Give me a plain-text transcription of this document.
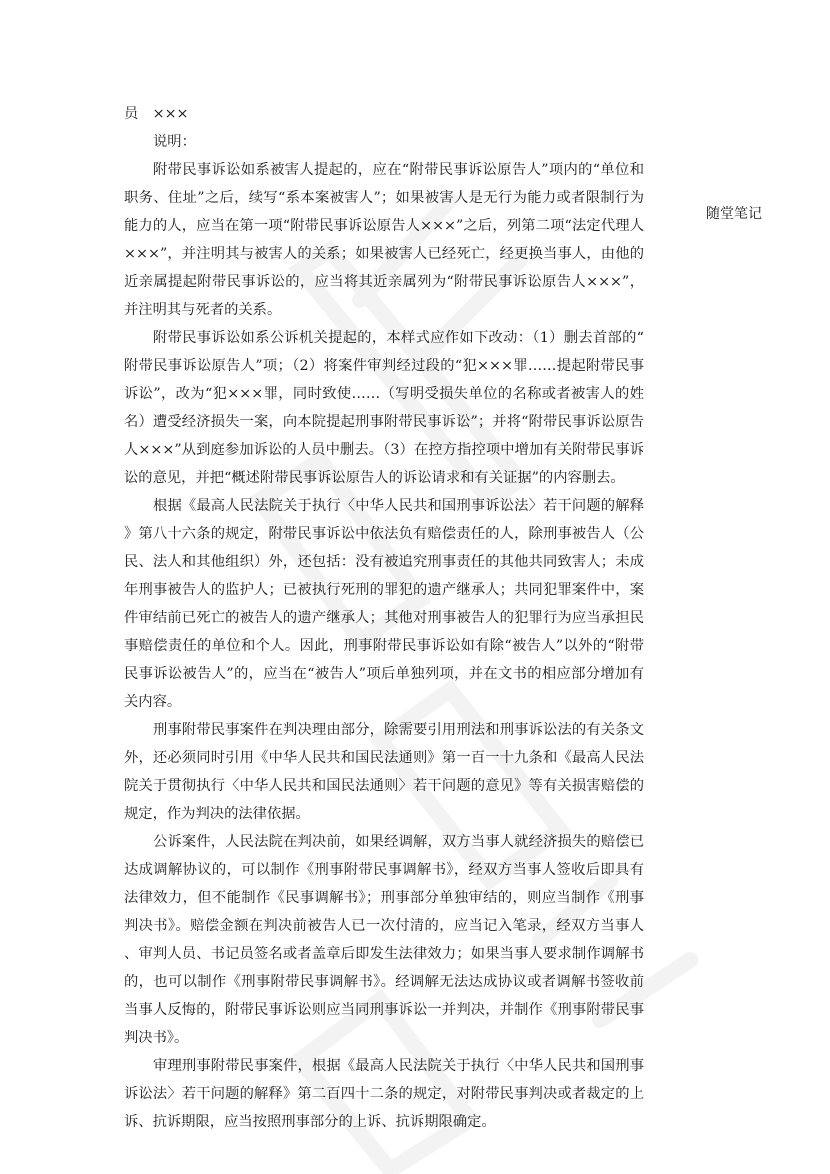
随堂笔记

员　×××

说明：

附带民事诉讼如系被害人提起的，应在“附带民事诉讼原告人”项内的“单位和职务、住址”之后，续写“系本案被害人”；如果被害人是无行为能力或者限制行为能力的人，应当在第一项“附带民事诉讼原告人×××”之后，列第二项“法定代理人×××”，并注明其与被害人的关系；如果被害人已经死亡，经更换当事人，由他的近亲属提起附带民事诉讼的，应当将其近亲属列为“附带民事诉讼原告人×××”，并注明其与死者的关系。

附带民事诉讼如系公诉机关提起的，本样式应作如下改动：（1）删去首部的“附带民事诉讼原告人”项；（2）将案件审判经过段的“犯×××罪……提起附带民事诉讼”，改为“犯×××罪，同时致使……（写明受损失单位的名称或者被害人的姓名）遭受经济损失一案，向本院提起刑事附带民事诉讼”；并将“附带民事诉讼原告人×××”从到庭参加诉讼的人员中删去。（3）在控方指控项中增加有关附带民事诉讼的意见，并把“概述附带民事诉讼原告人的诉讼请求和有关证据”的内容删去。

根据《最高人民法院关于执行〈中华人民共和国刑事诉讼法〉若干问题的解释》第八十六条的规定，附带民事诉讼中依法负有赔偿责任的人，除刑事被告人（公民、法人和其他组织）外，还包括：没有被追究刑事责任的其他共同致害人；未成年刑事被告人的监护人；已被执行死刑的罪犯的遗产继承人；共同犯罪案件中，案件审结前已死亡的被告人的遗产继承人；其他对刑事被告人的犯罪行为应当承担民事赔偿责任的单位和个人。因此，刑事附带民事诉讼如有除“被告人”以外的“附带民事诉讼被告人”的，应当在“被告人”项后单独列项，并在文书的相应部分增加有关内容。

刑事附带民事案件在判决理由部分，除需要引用刑法和刑事诉讼法的有关条文外，还必须同时引用《中华人民共和国民法通则》第一百一十九条和《最高人民法院关于贯彻执行〈中华人民共和国民法通则〉若干问题的意见》等有关损害赔偿的规定，作为判决的法律依据。

公诉案件，人民法院在判决前，如果经调解，双方当事人就经济损失的赔偿已达成调解协议的，可以制作《刑事附带民事调解书》，经双方当事人签收后即具有法律效力，但不能制作《民事调解书》；刑事部分单独审结的，则应当制作《刑事判决书》。赔偿金额在判决前被告人已一次付清的，应当记入笔录，经双方当事人、审判人员、书记员签名或者盖章后即发生法律效力；如果当事人要求制作调解书的，也可以制作《刑事附带民事调解书》。经调解无法达成协议或者调解书签收前当事人反悔的，附带民事诉讼则应当同刑事诉讼一并判决，并制作《刑事附带民事判决书》。

审理刑事附带民事案件，根据《最高人民法院关于执行〈中华人民共和国刑事诉讼法〉若干问题的解释》第二百四十二条的规定，对附带民事判决或者裁定的上诉、抗诉期限，应当按照刑事部分的上诉、抗诉期限确定。
